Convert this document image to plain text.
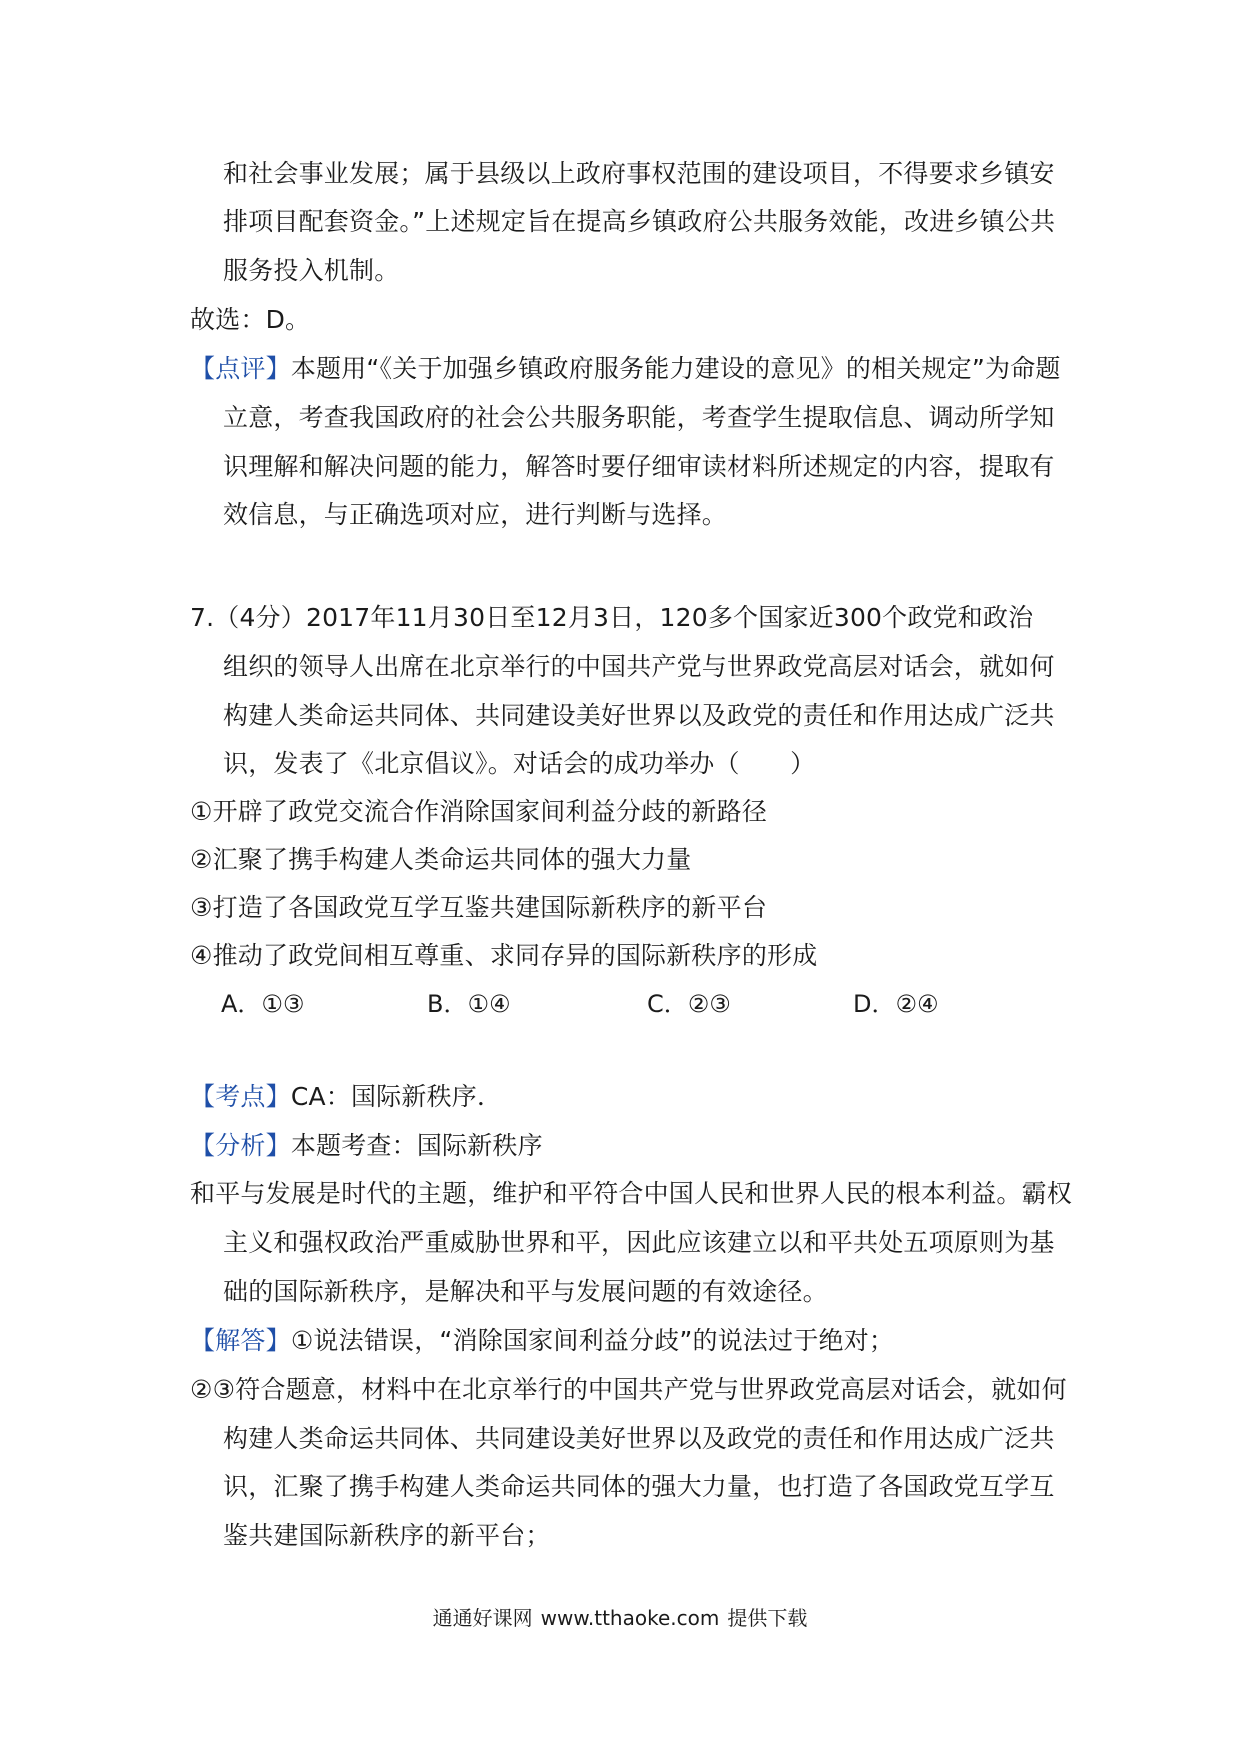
和社会事业发展；属于县级以上政府事权范围的建设项目，不得要求乡镇安
排项目配套资金。”上述规定旨在提高乡镇政府公共服务效能，改进乡镇公共
服务投入机制。
故选：D。
【点评】本题用“《关于加强乡镇政府服务能力建设的意见》的相关规定”为命题
立意，考查我国政府的社会公共服务职能，考查学生提取信息、调动所学知
识理解和解决问题的能力，解答时要仔细审读材料所述规定的内容，提取有
效信息，与正确选项对应，进行判断与选择。
7.（4分）2017年11月30日至12月3日，120多个国家近300个政党和政治
组织的领导人出席在北京举行的中国共产党与世界政党高层对话会，就如何
构建人类命运共同体、共同建设美好世界以及政党的责任和作用达成广泛共
识，发表了《北京倡议》。对话会的成功举办（　　）
①开辟了政党交流合作消除国家间利益分歧的新路径
②汇聚了携手构建人类命运共同体的强大力量
③打造了各国政党互学互鉴共建国际新秩序的新平台
④推动了政党间相互尊重、求同存异的国际新秩序的形成
A．①③	B．①④	C．②③	D．②④
【考点】CA：国际新秩序．
【分析】本题考查：国际新秩序
和平与发展是时代的主题，维护和平符合中国人民和世界人民的根本利益。霸权
主义和强权政治严重威胁世界和平，因此应该建立以和平共处五项原则为基
础的国际新秩序，是解决和平与发展问题的有效途径。
【解答】①说法错误，“消除国家间利益分歧”的说法过于绝对；
②③符合题意，材料中在北京举行的中国共产党与世界政党高层对话会，就如何
构建人类命运共同体、共同建设美好世界以及政党的责任和作用达成广泛共
识，汇聚了携手构建人类命运共同体的强大力量，也打造了各国政党互学互
鉴共建国际新秩序的新平台；
通通好课网 www.tthaoke.com 提供下载
